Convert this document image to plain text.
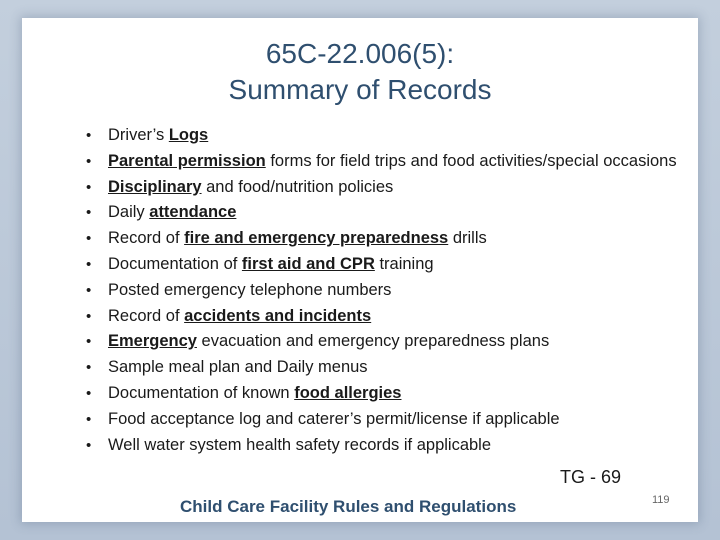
65C-22.006(5):
Summary of Records
• Driver’s Logs
• Parental permission forms for field trips and food activities/special occasions
• Disciplinary and food/nutrition policies
• Daily attendance
• Record of fire and emergency preparedness drills
• Documentation of first aid and CPR training
• Posted emergency telephone numbers
• Record of accidents and incidents
• Emergency evacuation and emergency preparedness plans
• Sample meal plan and Daily menus
• Documentation of known food allergies
• Food acceptance log and caterer’s permit/license if applicable
• Well water system health safety records if applicable
TG - 69
Child Care Facility Rules and Regulations	119
